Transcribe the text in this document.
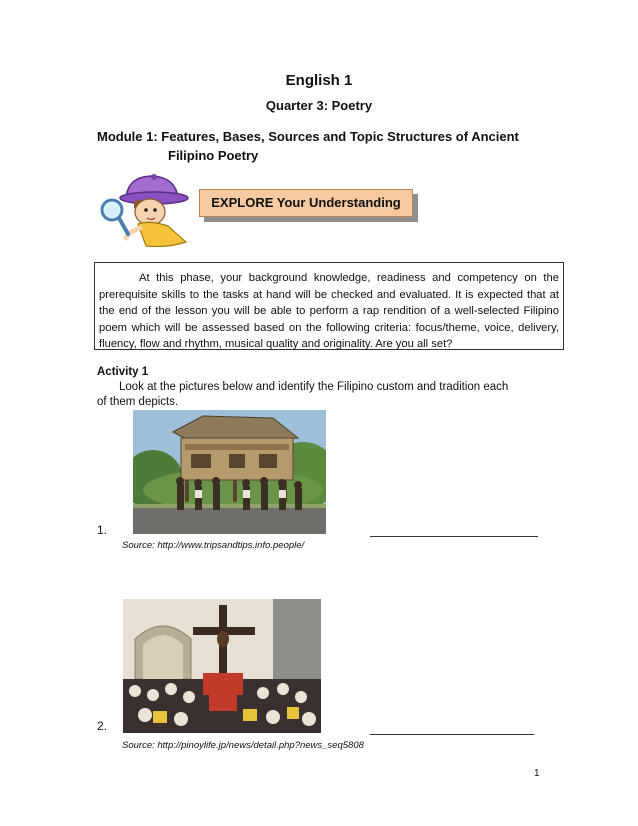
English 1
Quarter 3: Poetry
Module 1: Features, Bases, Sources and Topic Structures of Ancient
Filipino Poetry
EXPLORE Your Understanding

At this phase, your background knowledge, readiness and competency on the prerequisite skills to the tasks at hand will be checked and evaluated. It is expected that at the end of the lesson you will be able to perform a rap rendition of a well-selected Filipino poem which will be assessed based on the following criteria: focus/theme, voice, delivery, fluency, flow and rhythm, musical quality and originality. Are you all set?

Activity 1
Look at the pictures below and identify the Filipino custom and tradition each
of them depicts.
1.
Source: http://www.tripsandtips.info.people/
2.
Source: http://pinoylife.jp/news/detail.php?news_seq5808
1
